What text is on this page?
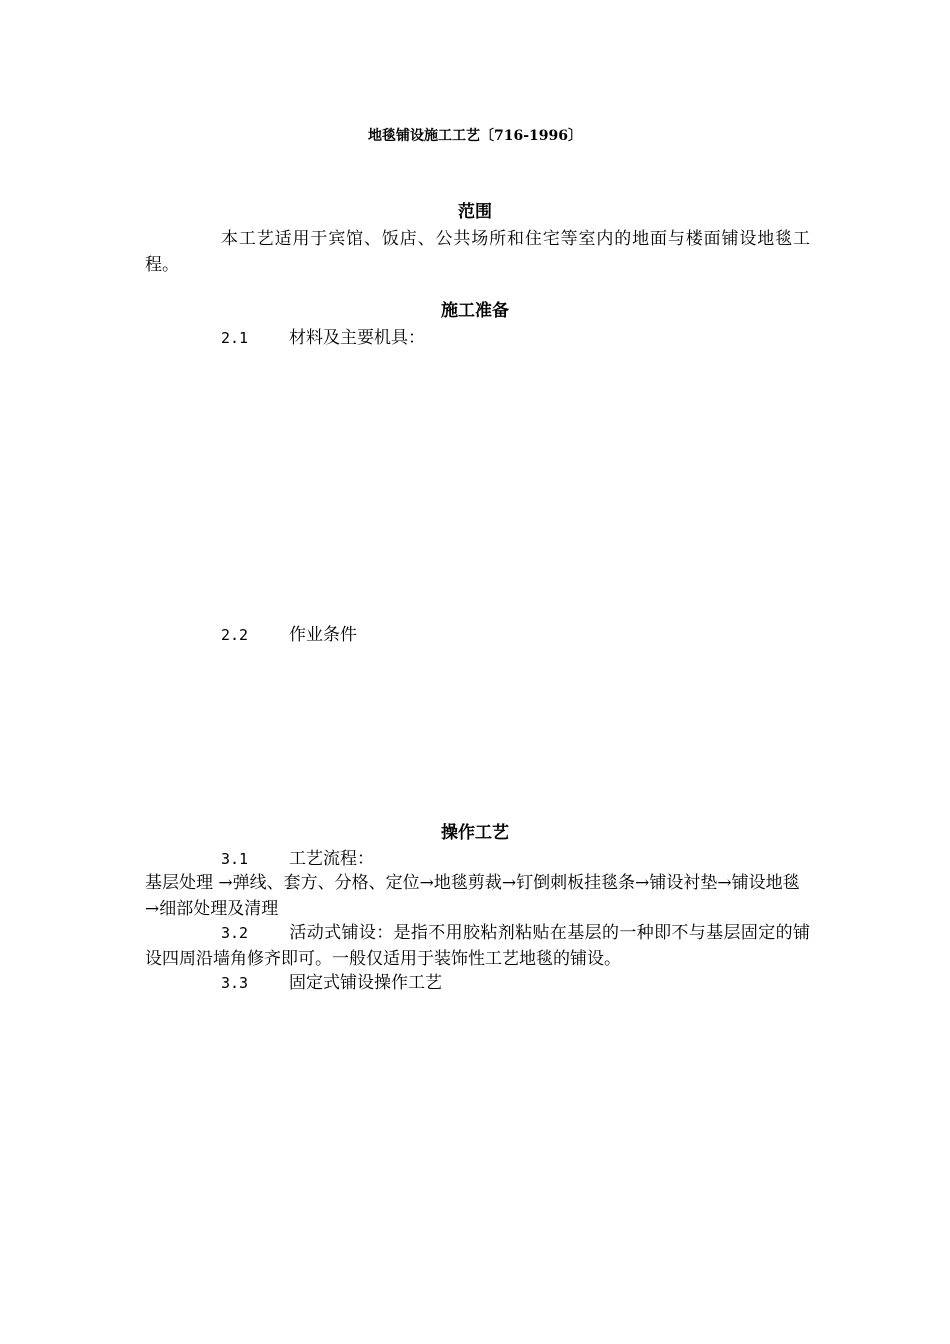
地毯铺设施工工艺〔716-1996〕
范围
本工艺适用于宾馆、饭店、公共场所和住宅等室内的地面与楼面铺设地毯工程。
施工准备
2.1 材料及主要机具：
2.2 作业条件
操作工艺
3.1 工艺流程：
基层处理 →弹线、套方、分格、定位→地毯剪裁→钉倒刺板挂毯条→铺设衬垫→铺设地毯→细部处理及清理
3.2 活动式铺设：是指不用胶粘剂粘贴在基层的一种即不与基层固定的铺设四周沿墙角修齐即可。一般仅适用于装饰性工艺地毯的铺设。
3.3 固定式铺设操作工艺
